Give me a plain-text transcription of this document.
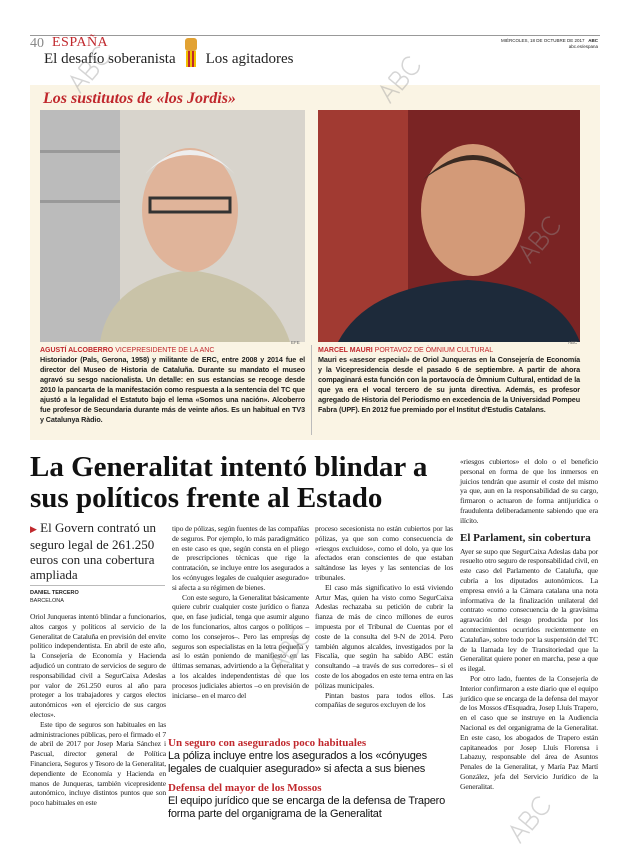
40 ESPAÑA
El desafío soberanista Los agitadores
MIÉRCOLES, 18 DE OCTUBRE DE 2017 ABC
abc.es/espana
Los sustitutos de «los Jordis»
EFE	ABC
AGUSTÍ ALCOBERRO VICEPRESIDENTE DE LA ANC
Historiador (Pals, Gerona, 1958) y militante de ERC, entre 2008 y 2014 fue el director del Museo de Historia de Cataluña. Durante su mandato el museo agravó su sesgo nacionalista. Un detalle: en sus estancias se recoge desde 2010 la pancarta de la manifestación como respuesta a la sentencia del TC que ajustó a la legalidad el Estatuto bajo el lema «Somos una nación». Alcoberro fue profesor de Secundaria durante más de veinte años. Es un habitual en TV3 y Catalunya Ràdio.
MARCEL MAURI PORTAVOZ DE ÒMNIUM CULTURAL
Mauri es «asesor especial» de Oriol Junqueras en la Consejería de Economía y la Vicepresidencia desde el pasado 6 de septiembre. A partir de ahora compaginará esta función con la portavocía de Òmnium Cultural, entidad de la que ya era el vocal tercero de su junta directiva. Además, es profesor agregado de Historia del Periodismo en excedencia de la Universidad Pompeu Fabra (UPF). En 2012 fue premiado por el Institut d'Estudis Catalans.
La Generalitat intentó blindar a sus políticos frente al Estado
▶ El Govern contrató un seguro legal de 261.250 euros con una cobertura ampliada
DANIEL TERCERO
BARCELONA

Oriol Junqueras intentó blindar a funcionarios, altos cargos y políticos al servicio de la Generalitat de Cataluña en previsión del envite político independentista. En abril de este año, la Consejería de Economía y Hacienda adjudicó un contrato de servicios de seguro de responsabilidad civil a SegurCaixa Adeslas por valor de 261.250 euros al año para proteger a los trabajadores y cargos electos autonómicos «en el ejercicio de sus cargos electos».

Este tipo de seguros son habituales en las administraciones públicas, pero el firmado el 7 de abril de 2017 por Josep Maria Sánchez i Pascual, director general de Política Financiera, Seguros y Tesoro de la Generalitat, dependiente de Economía y Hacienda en manos de Junqueras, también vicepresidente autonómico, incluye distintos puntos que son poco habituales en este

tipo de pólizas, según fuentes de las compañías de seguros. Por ejemplo, lo más paradigmático en este caso es que, según consta en el pliego de prescripciones técnicas que rige la contratación, se incluye entre los asegurados a los «cónyuges legales de cualquier asegurado» si afecta a su régimen de bienes.

Con este seguro, la Generalitat básicamente quiere cubrir cualquier coste jurídico o fianza que, en fase judicial, tenga que asumir alguno de los funcionarios, altos cargos o políticos –como los consejeros–. Pero las empresas de seguros son especialistas en la letra pequeña y así lo están poniendo de manifiesto en las últimas semanas, advirtiendo a la Generalitat y a los alcaldes independentistas de que los procesos judiciales abiertos –o en previsión de iniciarse– en el marco del

proceso secesionista no están cubiertos por las pólizas, ya que son como consecuencia de «riesgos excluidos», como el dolo, ya que los afectados eran conscientes de que estaban saltándose las leyes y las sentencias de los tribunales.

El caso más significativo lo está viviendo Artur Mas, quien ha visto como SegurCaixa Adeslas rechazaba su petición de cubrir la fianza de más de cinco millones de euros impuesta por el Tribunal de Cuentas por el coste de la consulta del 9-N de 2014. Pero también algunos alcaldes, investigados por la Fiscalía, que según ha sabido ABC están consultando –a través de sus corredores– si el coste de los abogados en este tema entra en las pólizas municipales.

Pintan bastos para todos ellos. Las compañías de seguros excluyen de los

«riesgos cubiertos» el dolo o el beneficio personal en forma de que los inmersos en juicios tendrán que asumir el coste del mismo ya que, aun en la responsabilidad de su cargo, firmaron o actuaron de forma antijurídica o fraudulenta deliberadamente sabiendo que era ilícito.

El Parlament, sin cobertura

Ayer se supo que SegurCaixa Adeslas daba por resuelto otro seguro de responsabilidad civil, en este caso del Parlamento de Cataluña, que cubría a los diputados autonómicos. La empresa envió a la Cámara catalana una nota informativa de la finalización unilateral del contrato «como consecuencia de la gravísima agravación del riesgo producida por los acontecimientos ocurridos recientemente en Cataluña», sobre todo por la suspensión del TC de la llamada ley de Transitoriedad que la Generalitat quiere poner en marcha, pese a que es ilegal.

Por otro lado, fuentes de la Consejería de Interior confirmaron a este diario que el equipo jurídico que se encarga de la defensa del mayor de los Mossos d'Esquadra, Josep Lluís Trapero, en el caso que se instruye en la Audiencia Nacional es del organigrama de la Generalitat. En este caso, los abogados de Trapero están capitaneados por Josep Lluís Florensa i Labazuy, responsable del área de Asuntos Penales de la Generalitat, y María Paz Martí González, jefa del Servicio Jurídico de la Generalitat.

Un seguro con asegurados poco habituales
La póliza incluye entre los asegurados a los «cónyuges legales de cualquier asegurado» si afecta a sus bienes
Defensa del mayor de los Mossos
El equipo jurídico que se encarga de la defensa de Trapero forma parte del organigrama de la Generalitat
